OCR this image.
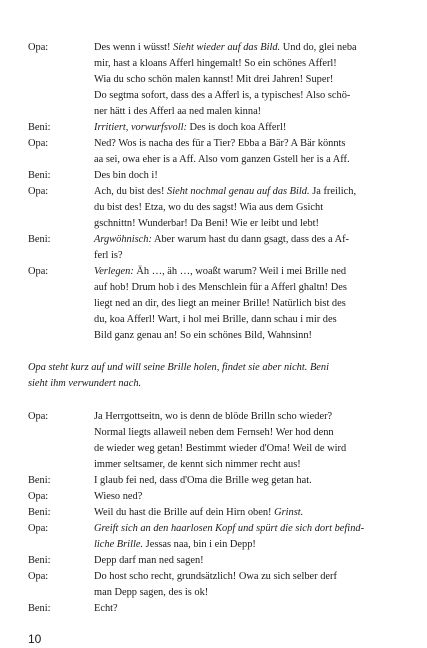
Opa:	Des wenn i wüsst! Sieht wieder auf das Bild. Und do, glei neba
mir, hast a kloans Afferl hingemalt! So ein schönes Afferl!
Wia du scho schön malen kannst! Mit drei Jahren! Super!
Do segtma sofort, dass des a Afferl is, a typisches! Also schö-
ner hätt i des Afferl aa ned malen kinna!
Beni:	Irritiert, vorwurfsvoll: Des is doch koa Afferl!
Opa:	Ned? Wos is nacha des für a Tier? Ebba a Bär? A Bär könnts
aa sei, owa eher is a Aff. Also vom ganzen Gstell her is a Aff.
Beni:	Des bin doch i!
Opa:	Ach, du bist des! Sieht nochmal genau auf das Bild. Ja freilich,
du bist des! Etza, wo du des sagst! Wia aus dem Gsicht
gschnittn! Wunderbar! Da Beni! Wie er leibt und lebt!
Beni:	Argwöhnisch: Aber warum hast du dann gsagt, dass des a Af-
ferl is?
Opa:	Verlegen: Äh …, äh …, woaßt warum? Weil i mei Brille ned
auf hob! Drum hob i des Menschlein für a Afferl ghaltn! Des
liegt ned an dir, des liegt an meiner Brille! Natürlich bist des
du, koa Afferl! Wart, i hol mei Brille, dann schau i mir des
Bild ganz genau an! So ein schönes Bild, Wahnsinn!
Opa steht kurz auf und will seine Brille holen, findet sie aber nicht. Beni
sieht ihm verwundert nach.
Opa:	Ja Herrgottseitn, wo is denn de blöde Brilln scho wieder?
Normal liegts allaweil neben dem Fernseh! Wer hod denn
de wieder weg getan! Bestimmt wieder d'Oma! Weil de wird
immer seltsamer, de kennt sich nimmer recht aus!
Beni:	I glaub fei ned, dass d'Oma die Brille weg getan hat.
Opa:	Wieso ned?
Beni:	Weil du hast die Brille auf dein Hirn oben! Grinst.
Opa:	Greift sich an den haarlosen Kopf und spürt die sich dort befind-
liche Brille. Jessas naa, bin i ein Depp!
Beni:	Depp darf man ned sagen!
Opa:	Do host scho recht, grundsätzlich! Owa zu sich selber derf
man Depp sagen, des is ok!
Beni:	Echt?
10
